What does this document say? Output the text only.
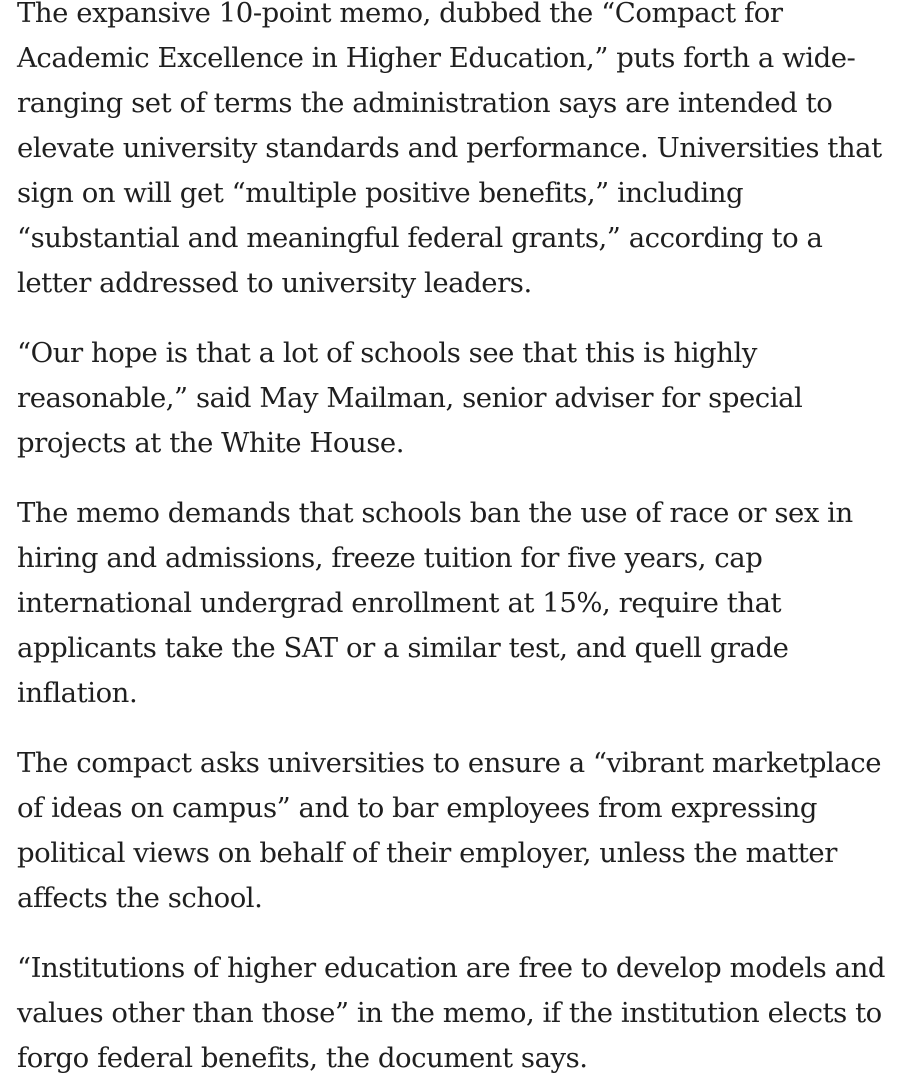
The expansive 10-point memo, dubbed the “Compact for Academic Excellence in Higher Education,” puts forth a wide-ranging set of terms the administration says are intended to elevate university standards and performance. Universities that sign on will get “multiple positive benefits,” including “substantial and meaningful federal grants,” according to a letter addressed to university leaders.

“Our hope is that a lot of schools see that this is highly reasonable,” said May Mailman, senior adviser for special projects at the White House.

The memo demands that schools ban the use of race or sex in hiring and admissions, freeze tuition for five years, cap international undergrad enrollment at 15%, require that applicants take the SAT or a similar test, and quell grade inflation.

The compact asks universities to ensure a “vibrant marketplace of ideas on campus” and to bar employees from expressing political views on behalf of their employer, unless the matter affects the school.

“Institutions of higher education are free to develop models and values other than those” in the memo, if the institution elects to forgo federal benefits, the document says.
